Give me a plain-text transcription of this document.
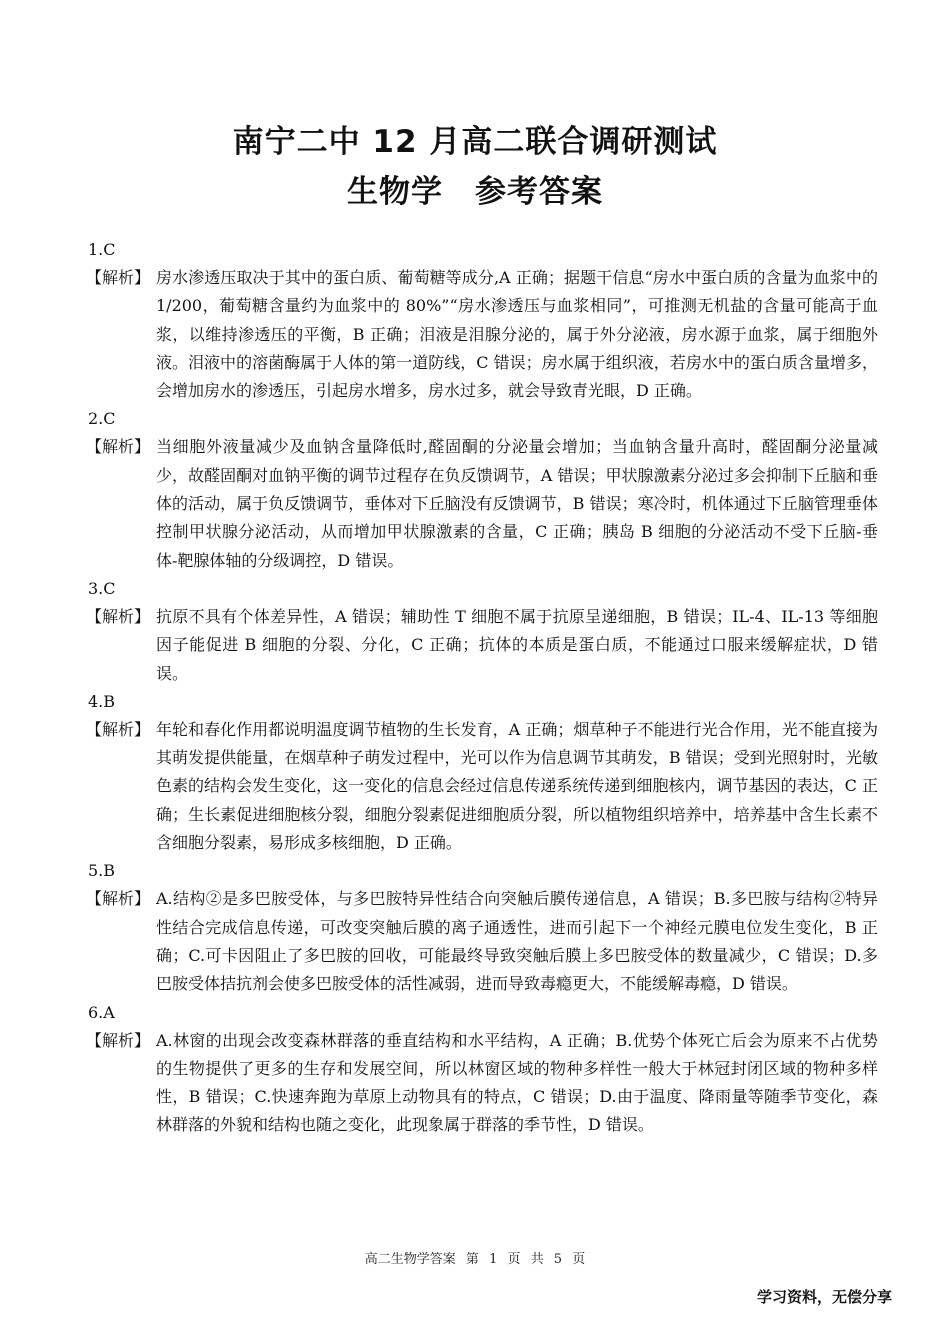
南宁二中 12 月高二联合调研测试
生物学　参考答案
1.C
【解析】 房水渗透压取决于其中的蛋白质、葡萄糖等成分,A 正确；据题干信息“房水中蛋白质的含量为血浆中的 1/200，葡萄糖含量约为血浆中的 80%”“房水渗透压与血浆相同”，可推测无机盐的含量可能高于血浆，以维持渗透压的平衡，B 正确；泪液是泪腺分泌的，属于外分泌液，房水源于血浆，属于细胞外液。泪液中的溶菌酶属于人体的第一道防线，C 错误；房水属于组织液，若房水中的蛋白质含量增多，会增加房水的渗透压，引起房水增多，房水过多，就会导致青光眼，D 正确。
2.C
【解析】 当细胞外液量减少及血钠含量降低时,醛固酮的分泌量会增加；当血钠含量升高时，醛固酮分泌量减少，故醛固酮对血钠平衡的调节过程存在负反馈调节，A 错误；甲状腺激素分泌过多会抑制下丘脑和垂体的活动，属于负反馈调节，垂体对下丘脑没有反馈调节，B 错误；寒冷时，机体通过下丘脑管理垂体控制甲状腺分泌活动，从而增加甲状腺激素的含量，C 正确；胰岛 B 细胞的分泌活动不受下丘脑-垂体-靶腺体轴的分级调控，D 错误。
3.C
【解析】 抗原不具有个体差异性，A 错误；辅助性 T 细胞不属于抗原呈递细胞，B 错误；IL-4、IL-13 等细胞因子能促进 B 细胞的分裂、分化，C 正确；抗体的本质是蛋白质，不能通过口服来缓解症状，D 错误。
4.B
【解析】 年轮和春化作用都说明温度调节植物的生长发育，A 正确；烟草种子不能进行光合作用，光不能直接为其萌发提供能量，在烟草种子萌发过程中，光可以作为信息调节其萌发，B 错误；受到光照射时，光敏色素的结构会发生变化，这一变化的信息会经过信息传递系统传递到细胞核内，调节基因的表达，C 正确；生长素促进细胞核分裂，细胞分裂素促进细胞质分裂，所以植物组织培养中，培养基中含生长素不含细胞分裂素，易形成多核细胞，D 正确。
5.B
【解析】 A.结构②是多巴胺受体，与多巴胺特异性结合向突触后膜传递信息，A 错误；B.多巴胺与结构②特异性结合完成信息传递，可改变突触后膜的离子通透性，进而引起下一个神经元膜电位发生变化，B 正确；C.可卡因阻止了多巴胺的回收，可能最终导致突触后膜上多巴胺受体的数量减少，C 错误；D.多巴胺受体拮抗剂会使多巴胺受体的活性减弱，进而导致毒瘾更大，不能缓解毒瘾，D 错误。
6.A
【解析】 A.林窗的出现会改变森林群落的垂直结构和水平结构，A 正确；B.优势个体死亡后会为原来不占优势的生物提供了更多的生存和发展空间，所以林窗区域的物种多样性一般大于林冠封闭区域的物种多样性，B 错误；C.快速奔跑为草原上动物具有的特点，C 错误；D.由于温度、降雨量等随季节变化，森林群落的外貌和结构也随之变化，此现象属于群落的季节性，D 错误。
高二生物学答案 第 1 页 共 5 页
学习资料，无偿分享
